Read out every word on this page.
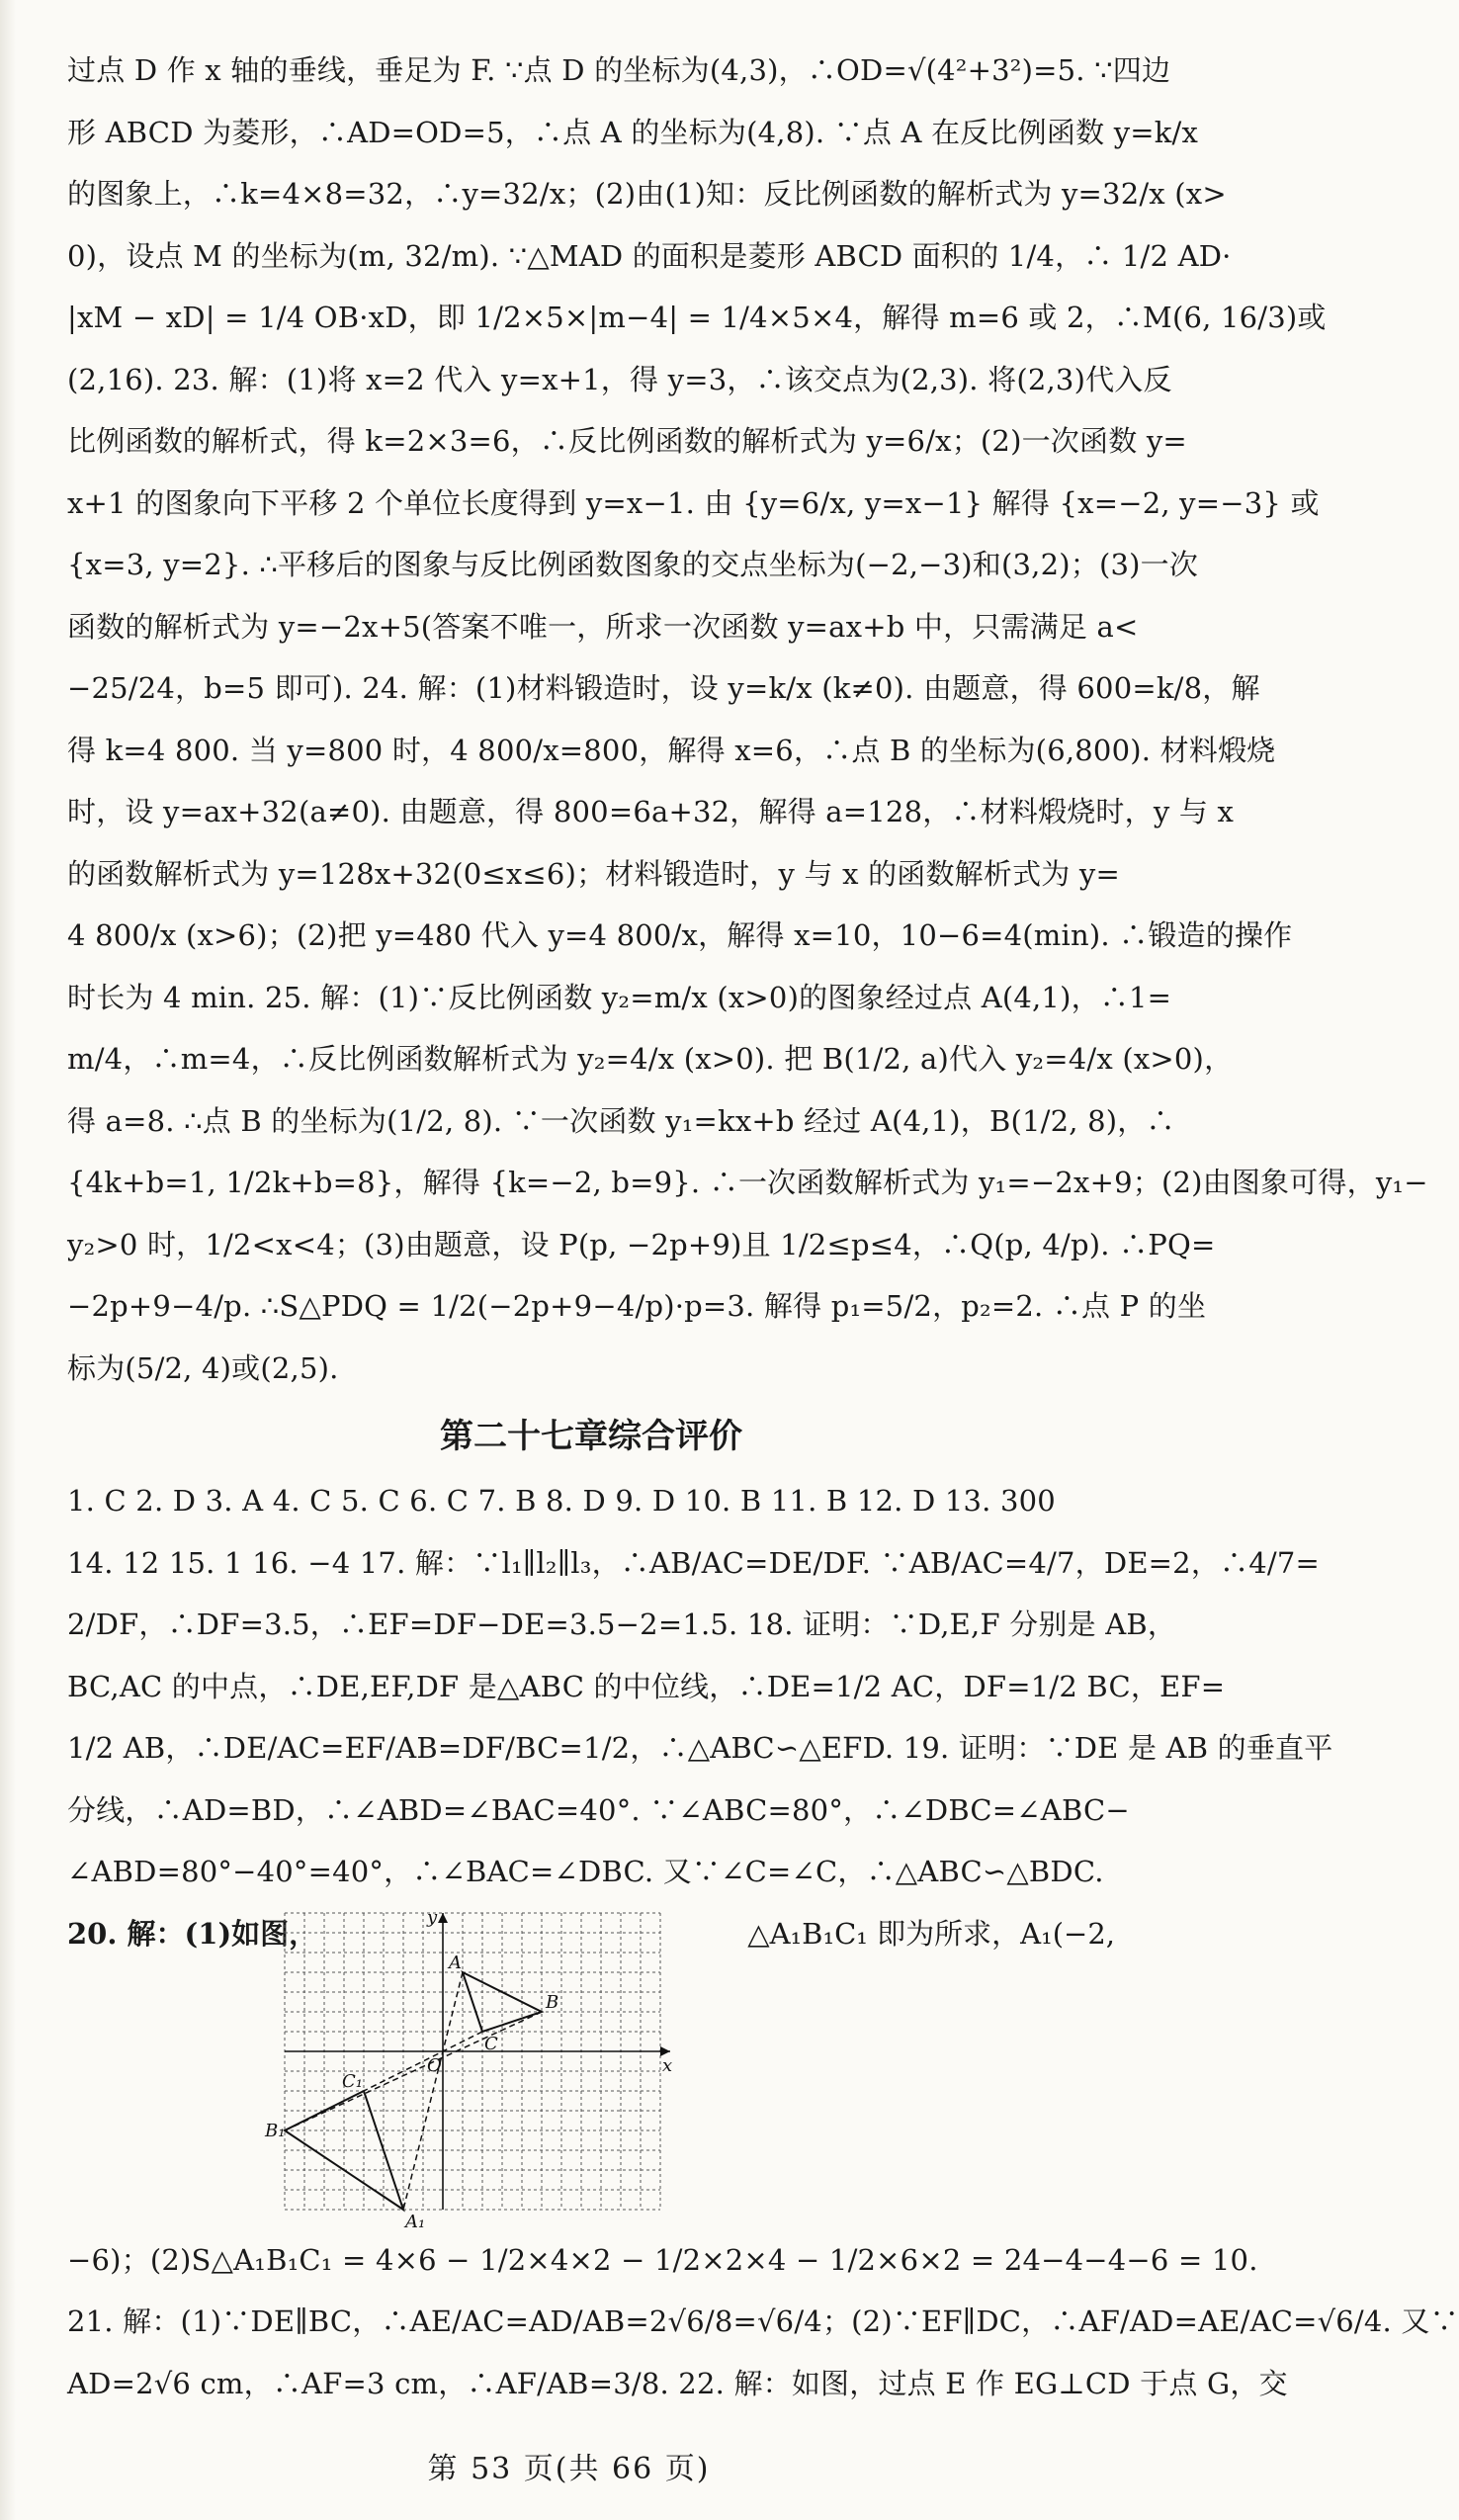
过点 D 作 x 轴的垂线，垂足为 F. ∵点 D 的坐标为(4,3)，∴OD=√(4²+3²)=5. ∵四边
形 ABCD 为菱形，∴AD=OD=5，∴点 A 的坐标为(4,8). ∵点 A 在反比例函数 y=k/x
的图象上，∴k=4×8=32，∴y=32/x；(2)由(1)知：反比例函数的解析式为 y=32/x (x>
0)，设点 M 的坐标为(m, 32/m). ∵△MAD 的面积是菱形 ABCD 面积的 1/4，∴ 1/2 AD·
|xM − xD| = 1/4 OB·xD，即 1/2×5×|m−4| = 1/4×5×4，解得 m=6 或 2，∴M(6, 16/3)或
(2,16). 23. 解：(1)将 x=2 代入 y=x+1，得 y=3，∴该交点为(2,3). 将(2,3)代入反
比例函数的解析式，得 k=2×3=6，∴反比例函数的解析式为 y=6/x；(2)一次函数 y=
x+1 的图象向下平移 2 个单位长度得到 y=x−1. 由 {y=6/x, y=x−1} 解得 {x=−2, y=−3} 或
{x=3, y=2}. ∴平移后的图象与反比例函数图象的交点坐标为(−2,−3)和(3,2)；(3)一次
函数的解析式为 y=−2x+5(答案不唯一，所求一次函数 y=ax+b 中，只需满足 a<
−25/24，b=5 即可). 24. 解：(1)材料锻造时，设 y=k/x (k≠0). 由题意，得 600=k/8，解
得 k=4 800. 当 y=800 时，4 800/x=800，解得 x=6，∴点 B 的坐标为(6,800). 材料煅烧
时，设 y=ax+32(a≠0). 由题意，得 800=6a+32，解得 a=128，∴材料煅烧时，y 与 x
的函数解析式为 y=128x+32(0≤x≤6)；材料锻造时，y 与 x 的函数解析式为 y=
4 800/x (x>6)；(2)把 y=480 代入 y=4 800/x，解得 x=10，10−6=4(min). ∴锻造的操作
时长为 4 min. 25. 解：(1)∵反比例函数 y₂=m/x (x>0)的图象经过点 A(4,1)，∴1=
m/4，∴m=4，∴反比例函数解析式为 y₂=4/x (x>0). 把 B(1/2, a)代入 y₂=4/x (x>0)，
得 a=8. ∴点 B 的坐标为(1/2, 8). ∵一次函数 y₁=kx+b 经过 A(4,1)，B(1/2, 8)，∴
{4k+b=1, 1/2k+b=8}，解得 {k=−2, b=9}. ∴一次函数解析式为 y₁=−2x+9；(2)由图象可得，y₁−
y₂>0 时，1/2<x<4；(3)由题意，设 P(p, −2p+9)且 1/2≤p≤4，∴Q(p, 4/p). ∴PQ=
−2p+9−4/p. ∴S△PDQ = 1/2(−2p+9−4/p)·p=3. 解得 p₁=5/2，p₂=2. ∴点 P 的坐
标为(5/2, 4)或(2,5).
第二十七章综合评价
1. C 2. D 3. A 4. C 5. C 6. C 7. B 8. D 9. D 10. B 11. B 12. D 13. 300
14. 12 15. 1 16. −4 17. 解：∵l₁∥l₂∥l₃，∴AB/AC=DE/DF. ∵AB/AC=4/7，DE=2，∴4/7=
2/DF，∴DF=3.5，∴EF=DF−DE=3.5−2=1.5. 18. 证明：∵D,E,F 分别是 AB，
BC,AC 的中点，∴DE,EF,DF 是△ABC 的中位线，∴DE=1/2 AC，DF=1/2 BC，EF=
1/2 AB，∴DE/AC=EF/AB=DF/BC=1/2，∴△ABC∽△EFD. 19. 证明：∵DE 是 AB 的垂直平
分线，∴AD=BD，∴∠ABD=∠BAC=40°. ∵∠ABC=80°，∴∠DBC=∠ABC−
∠ABD=80°−40°=40°，∴∠BAC=∠DBC. 又∵∠C=∠C，∴△ABC∽△BDC.
20. 解：(1)如图，	△A₁B₁C₁ 即为所求，A₁(−2,
x
y
O
A
B
C
A₁
B₁
C₁
−6)；(2)S△A₁B₁C₁ = 4×6 − 1/2×4×2 − 1/2×2×4 − 1/2×6×2 = 24−4−4−6 = 10.
21. 解：(1)∵DE∥BC，∴AE/AC=AD/AB=2√6/8=√6/4；(2)∵EF∥DC，∴AF/AD=AE/AC=√6/4. 又∵
AD=2√6 cm，∴AF=3 cm，∴AF/AB=3/8. 22. 解：如图，过点 E 作 EG⊥CD 于点 G，交
第 53 页(共 66 页)
